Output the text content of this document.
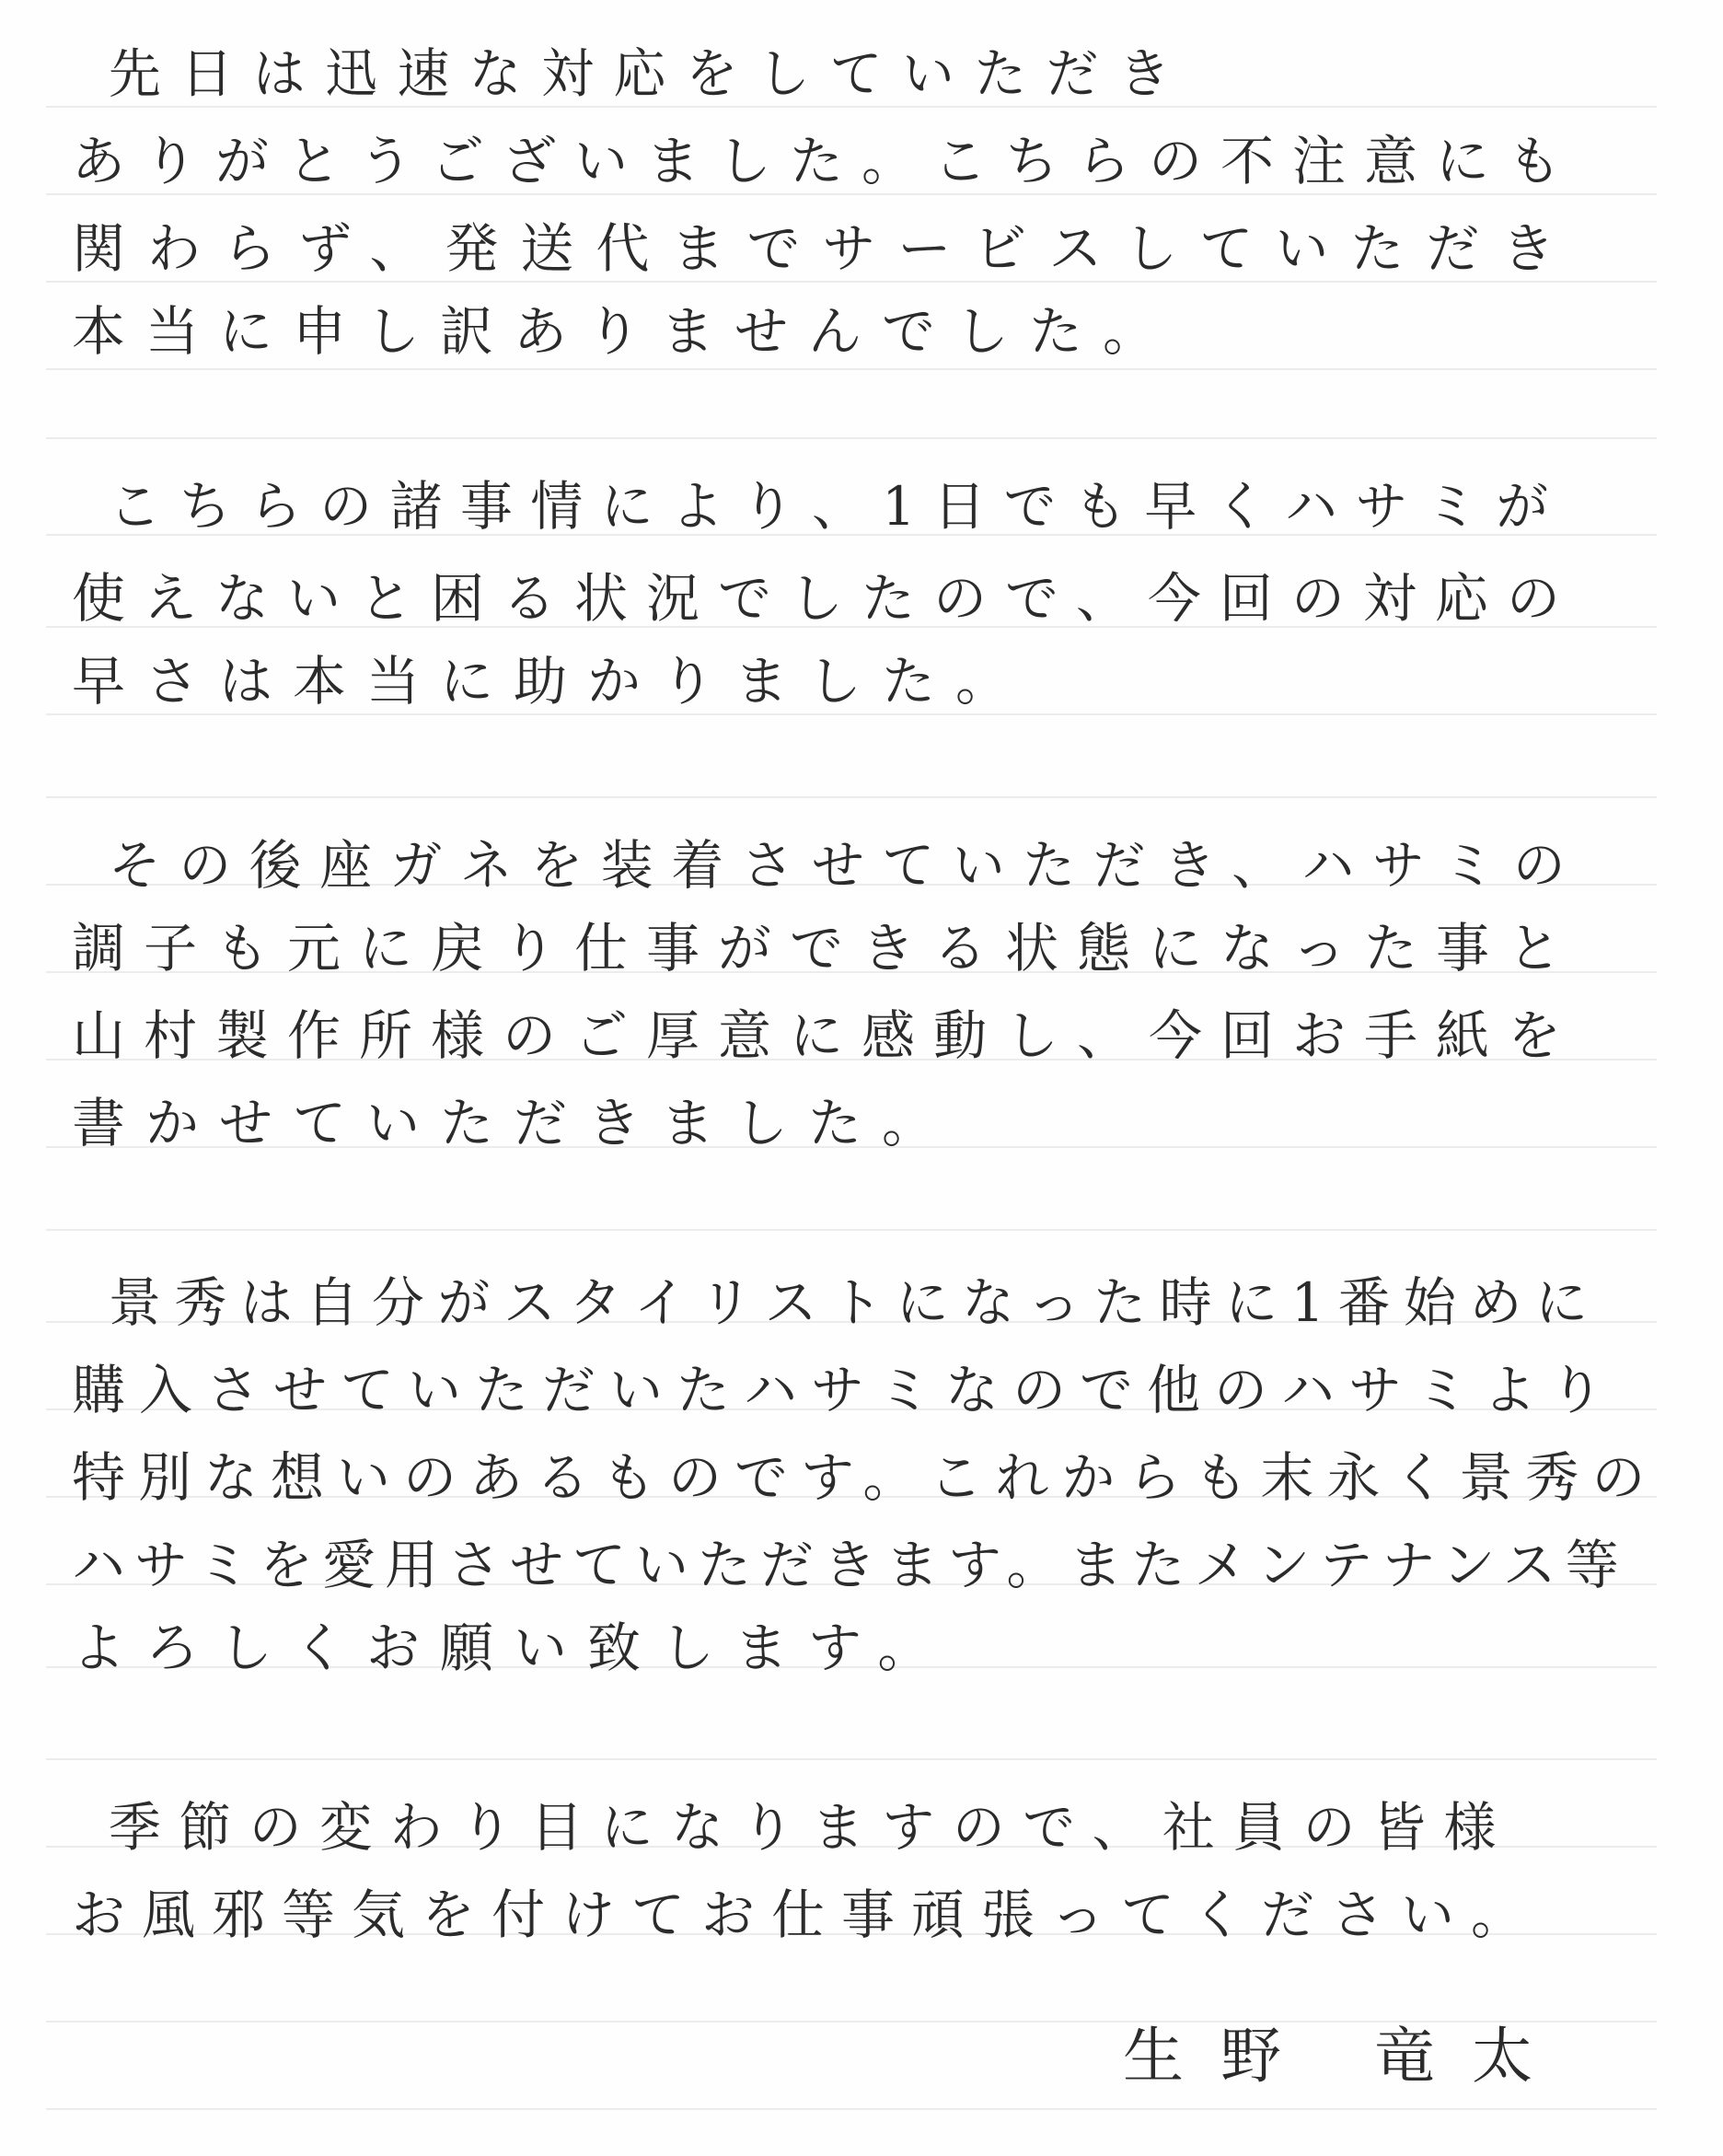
先日は迅速な対応をしていただき
ありがとうございました。こちらの不注意にも
関わらず、発送代までサービスしていただき
本当に申し訳ありませんでした。
こちらの諸事情により、1日でも早くハサミが
使えないと困る状況でしたので、今回の対応の
早さは本当に助かりました。
その後座ガネを装着させていただき、ハサミの
調子も元に戻り仕事ができる状態になった事と
山村製作所様のご厚意に感動し、今回お手紙を
書かせていただきました。
景秀は自分がスタイリストになった時に1番始めに
購入させていただいたハサミなので他のハサミより
特別な想いのあるものです。これからも末永く景秀の
ハサミを愛用させていただきます。またメンテナンス等
よろしくお願い致します。
季節の変わり目になりますので、社員の皆様
お風邪等気を付けてお仕事頑張ってください。
生野 竜太
